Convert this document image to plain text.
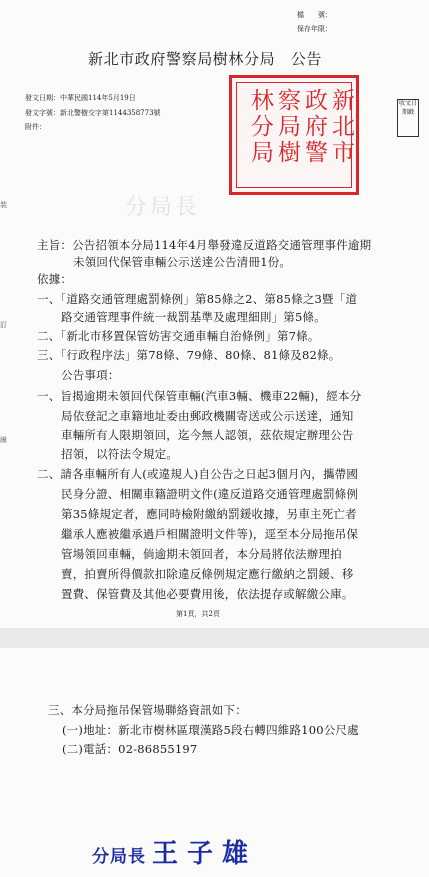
檔　　號：
保存年限：
新北市政府警察局樹林分局　公告
發文日期：中華民國114年5月19日
發文字號：新北警樹交字第1144358773號
附件：	新北市政府警察局樹林分局	收文日期戳
分局長
裝
訂
線
主旨：公告招領本分局114年4月舉發違反道路交通管理事件逾期
未領回代保管車輛公示送達公告清冊1份。
依據：
一、「道路交通管理處罰條例」第85條之2、第85條之3暨「道
路交通管理事件統一裁罰基準及處理細則」第5條。
二、「新北市移置保管妨害交通車輛自治條例」第7條。
三、「行政程序法」第78條、79條、80條、81條及82條。
公告事項：
一、旨揭逾期未領回代保管車輛(汽車3輛、機車22輛)，經本分
局依登記之車籍地址委由郵政機關寄送或公示送達，通知
車輛所有人限期領回，迄今無人認領，茲依規定辦理公告
招領，以符法令規定。
二、請各車輛所有人(或違規人)自公告之日起3個月內，攜帶國
民身分證、相關車籍證明文件(違反道路交通管理處罰條例
第35條規定者，應同時檢附繳納罰鍰收據，另車主死亡者
繼承人應被繼承過戶相關證明文件等)，逕至本分局拖吊保
管場領回車輛，倘逾期未領回者，本分局將依法辦理拍
賣，拍賣所得價款扣除違反條例規定應行繳納之罰鍰、移
置費、保管費及其他必要費用後，依法提存或解繳公庫。
第1頁，共2頁
三、本分局拖吊保管場聯絡資訊如下：
(一)地址：新北市樹林區環漢路5段右轉四維路100公尺處
(二)電話：02-86855197
分局長 王子雄
